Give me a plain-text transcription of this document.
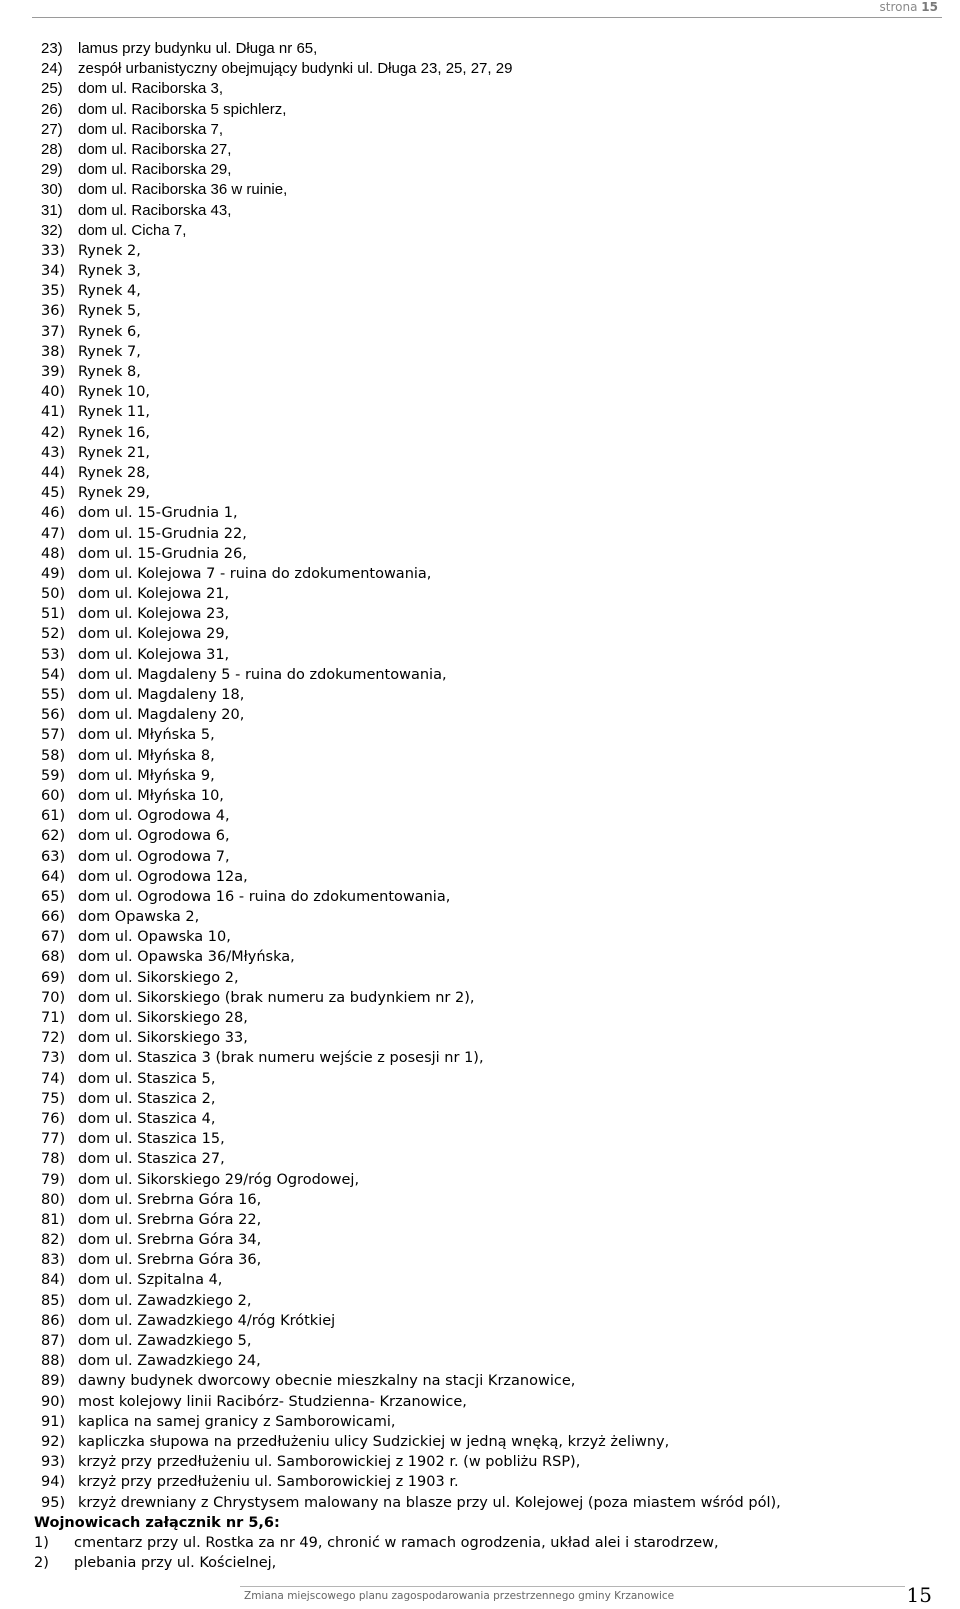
strona 15
23)	lamus przy budynku ul. Długa nr 65,
24)	zespół urbanistyczny obejmujący budynki ul. Długa 23, 25, 27, 29
25)	dom ul. Raciborska 3,
26)	dom ul. Raciborska 5 spichlerz,
27)	dom ul. Raciborska 7,
28)	dom ul. Raciborska 27,
29)	dom ul. Raciborska 29,
30)	dom ul. Raciborska 36 w ruinie,
31)	dom ul. Raciborska 43,
32)	dom ul. Cicha 7,
33) Rynek 2,
34) Rynek 3,
35) Rynek 4,
36) Rynek 5,
37) Rynek 6,
38) Rynek 7,
39) Rynek 8,
40) Rynek 10,
41) Rynek 11,
42) Rynek 16,
43) Rynek 21,
44) Rynek 28,
45) Rynek 29,
46) dom ul. 15-Grudnia 1,
47) dom ul. 15-Grudnia 22,
48) dom ul. 15-Grudnia 26,
49) dom ul. Kolejowa 7 - ruina do zdokumentowania,
50) dom ul. Kolejowa 21,
51) dom ul. Kolejowa 23,
52) dom ul. Kolejowa 29,
53) dom ul. Kolejowa 31,
54) dom ul. Magdaleny 5 - ruina do zdokumentowania,
55) dom ul. Magdaleny 18,
56) dom ul. Magdaleny 20,
57) dom ul. Młyńska 5,
58) dom ul. Młyńska 8,
59) dom ul. Młyńska 9,
60) dom ul. Młyńska 10,
61) dom ul. Ogrodowa 4,
62) dom ul. Ogrodowa 6,
63) dom ul. Ogrodowa 7,
64) dom ul. Ogrodowa 12a,
65) dom ul. Ogrodowa 16 - ruina do zdokumentowania,
66) dom Opawska 2,
67) dom ul. Opawska 10,
68) dom ul. Opawska 36/Młyńska,
69) dom ul. Sikorskiego 2,
70) dom ul. Sikorskiego (brak numeru za budynkiem nr 2),
71) dom ul. Sikorskiego 28,
72) dom ul. Sikorskiego 33,
73) dom ul. Staszica 3 (brak numeru wejście z posesji nr 1),
74) dom ul. Staszica 5,
75) dom ul. Staszica 2,
76) dom ul. Staszica 4,
77) dom ul. Staszica 15,
78) dom ul. Staszica 27,
79) dom ul. Sikorskiego 29/róg Ogrodowej,
80) dom ul. Srebrna Góra 16,
81) dom ul. Srebrna Góra 22,
82) dom ul. Srebrna Góra 34,
83) dom ul. Srebrna Góra 36,
84) dom ul. Szpitalna 4,
85) dom ul. Zawadzkiego 2,
86) dom ul. Zawadzkiego 4/róg Krótkiej
87) dom ul. Zawadzkiego 5,
88) dom ul. Zawadzkiego 24,
89) dawny budynek dworcowy obecnie mieszkalny na stacji Krzanowice,
90) most kolejowy linii Racibórz- Studzienna- Krzanowice,
91) kaplica na samej granicy z Samborowicami,
92) kapliczka słupowa na przedłużeniu ulicy Sudzickiej w jedną wnęką, krzyż żeliwny,
93) krzyż przy przedłużeniu ul. Samborowickiej z 1902 r. (w pobliżu RSP),
94) krzyż przy przedłużeniu ul. Samborowickiej z 1903 r.
95) krzyż drewniany z Chrystysem malowany na blasze przy ul. Kolejowej (poza miastem wśród pól),
Wojnowicach załącznik nr 5,6:
1)	cmentarz przy ul. Rostka za nr 49, chronić w ramach ogrodzenia, układ alei i starodrzew,
2)	plebania przy ul. Kościelnej,
Zmiana miejscowego planu zagospodarowania przestrzennego gminy Krzanowice	15
